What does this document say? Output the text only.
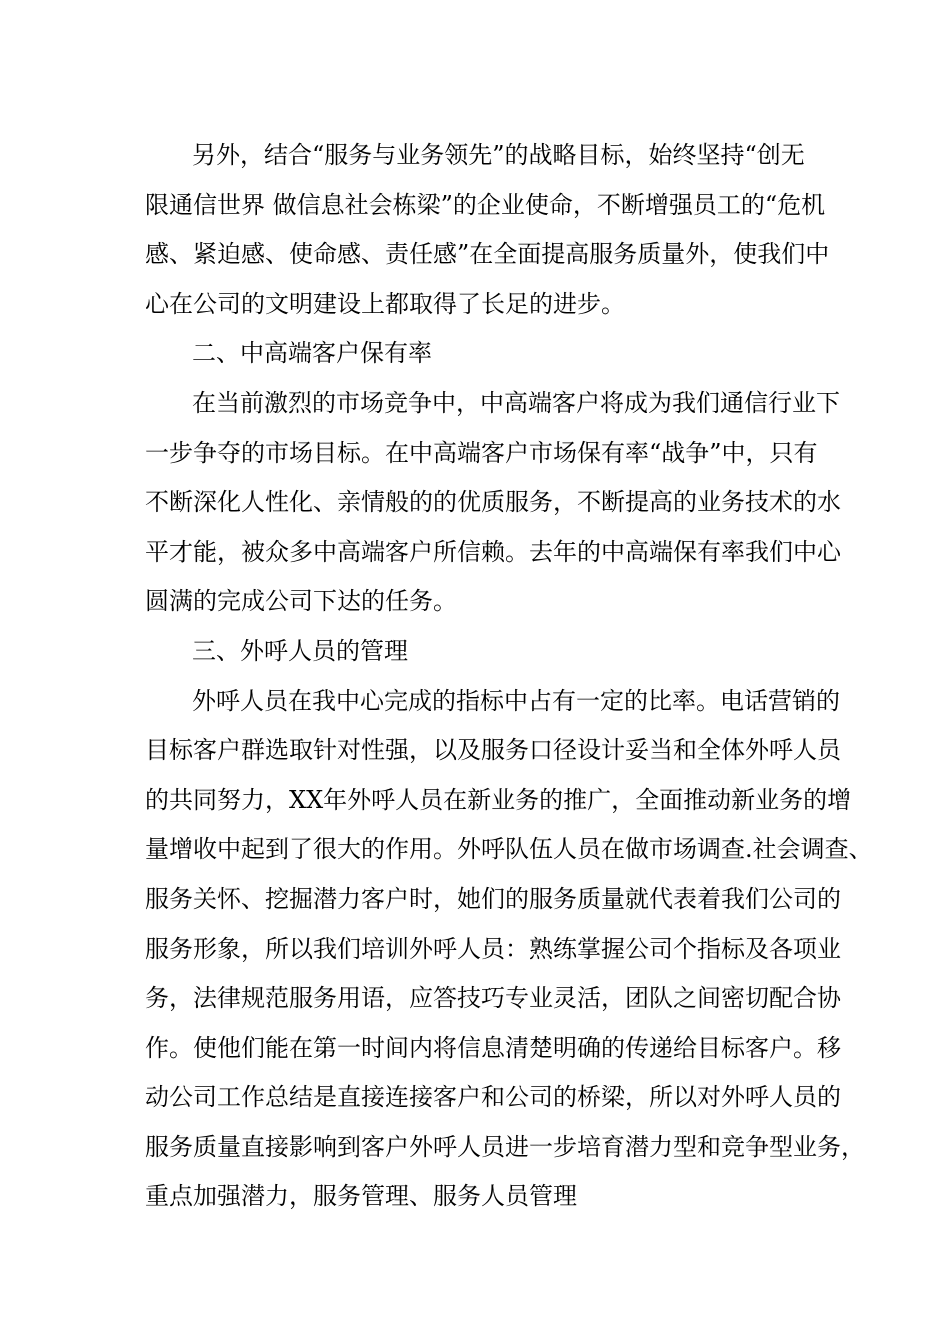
另外，结合“服务与业务领先”的战略目标，始终坚持“创无
限通信世界 做信息社会栋梁”的企业使命，不断增强员工的“危机
感、紧迫感、使命感、责任感”在全面提高服务质量外，使我们中
心在公司的文明建设上都取得了长足的进步。
二、中高端客户保有率
在当前激烈的市场竞争中，中高端客户将成为我们通信行业下
一步争夺的市场目标。在中高端客户市场保有率“战争”中，只有
不断深化人性化、亲情般的的优质服务，不断提高的业务技术的水
平才能，被众多中高端客户所信赖。去年的中高端保有率我们中心
圆满的完成公司下达的任务。
三、外呼人员的管理
外呼人员在我中心完成的指标中占有一定的比率。电话营销的
目标客户群选取针对性强，以及服务口径设计妥当和全体外呼人员
的共同努力，XX年外呼人员在新业务的推广，全面推动新业务的增
量增收中起到了很大的作用。外呼队伍人员在做市场调查.社会调查、
服务关怀、挖掘潜力客户时，她们的服务质量就代表着我们公司的
服务形象，所以我们培训外呼人员：熟练掌握公司个指标及各项业
务，法律规范服务用语，应答技巧专业灵活，团队之间密切配合协
作。使他们能在第一时间内将信息清楚明确的传递给目标客户。移
动公司工作总结是直接连接客户和公司的桥梁，所以对外呼人员的
服务质量直接影响到客户外呼人员进一步培育潜力型和竞争型业务，
重点加强潜力，服务管理、服务人员管理
